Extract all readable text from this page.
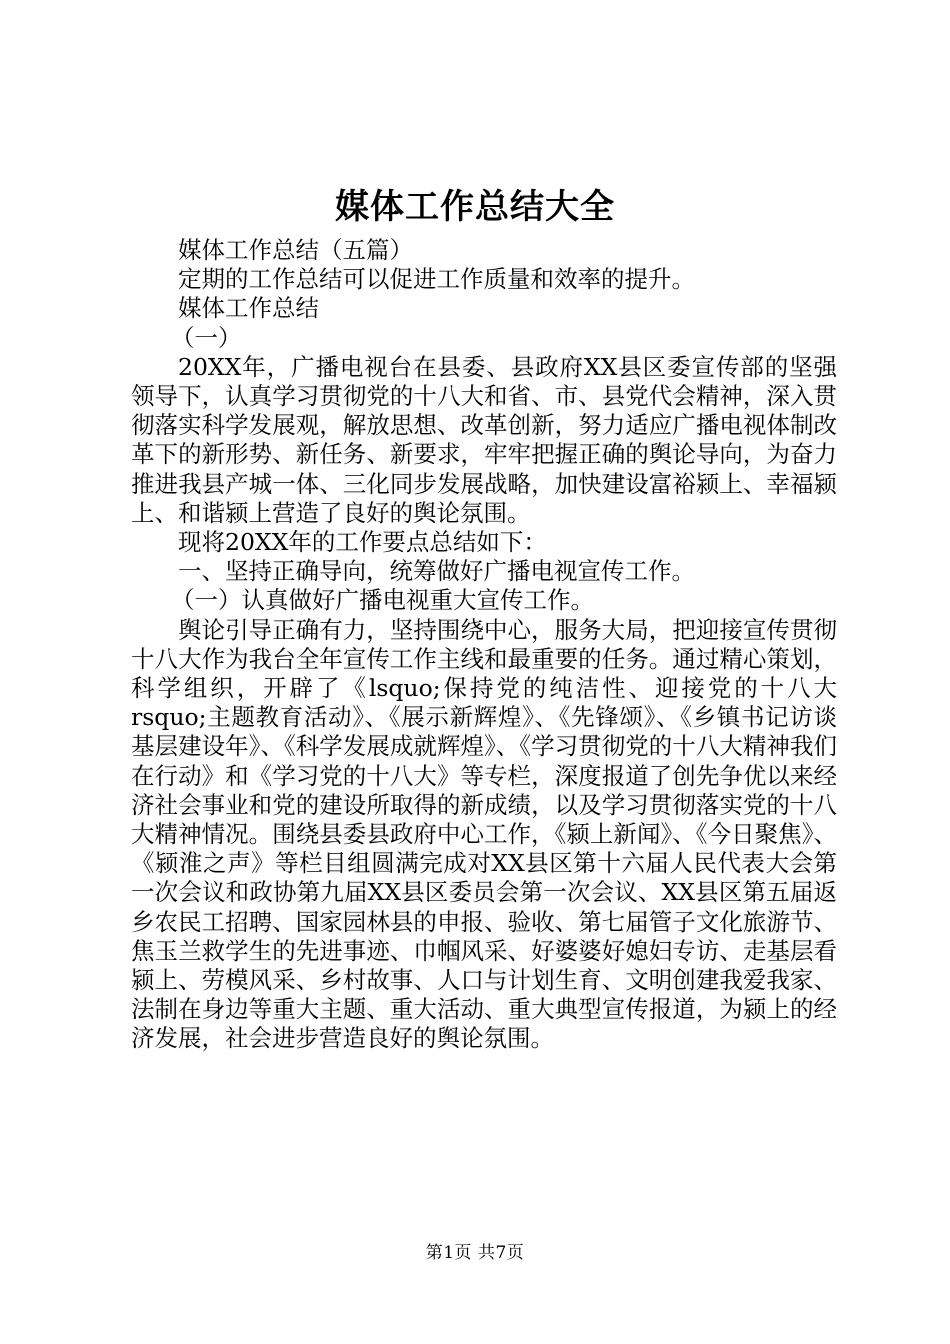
媒体工作总结大全

媒体工作总结（五篇）

定期的工作总结可以促进工作质量和效率的提升。

媒体工作总结

（一）

20XX年，广播电视台在县委、县政府XX县区委宣传部的坚强领导下，认真学习贯彻党的十八大和省、市、县党代会精神，深入贯彻落实科学发展观，解放思想、改革创新，努力适应广播电视体制改革下的新形势、新任务、新要求，牢牢把握正确的舆论导向，为奋力推进我县产城一体、三化同步发展战略，加快建设富裕颍上、幸福颍上、和谐颍上营造了良好的舆论氛围。

现将20XX年的工作要点总结如下：

一、坚持正确导向，统筹做好广播电视宣传工作。

（一）认真做好广播电视重大宣传工作。

舆论引导正确有力，坚持围绕中心，服务大局，把迎接宣传贯彻十八大作为我台全年宣传工作主线和最重要的任务。通过精心策划，科学组织，开辟了《lsquo;保持党的纯洁性、迎接党的十八大rsquo;主题教育活动》、《展示新辉煌》、《先锋颂》、《乡镇书记访谈基层建设年》、《科学发展成就辉煌》、《学习贯彻党的十八大精神我们在行动》和《学习党的十八大》等专栏，深度报道了创先争优以来经济社会事业和党的建设所取得的新成绩，以及学习贯彻落实党的十八大精神情况。围绕县委县政府中心工作，《颍上新闻》、《今日聚焦》、《颍淮之声》等栏目组圆满完成对XX县区第十六届人民代表大会第一次会议和政协第九届XX县区委员会第一次会议、XX县区第五届返乡农民工招聘、国家园林县的申报、验收、第七届管子文化旅游节、焦玉兰救学生的先进事迹、巾帼风采、好婆婆好媳妇专访、走基层看颍上、劳模风采、乡村故事、人口与计划生育、文明创建我爱我家、法制在身边等重大主题、重大活动、重大典型宣传报道，为颍上的经济发展，社会进步营造良好的舆论氛围。

第1页 共7页
